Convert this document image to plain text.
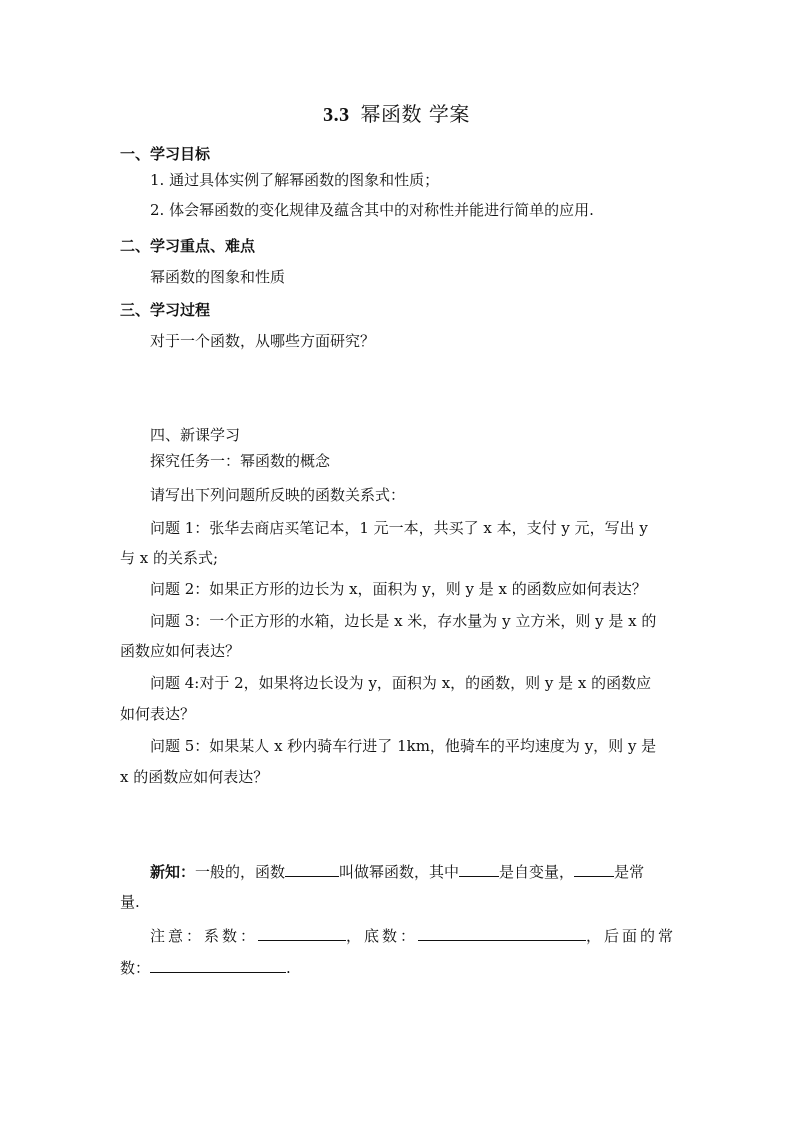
3.3 幂函数 学案
一、学习目标
1. 通过具体实例了解幂函数的图象和性质；
2. 体会幂函数的变化规律及蕴含其中的对称性并能进行简单的应用.
二、学习重点、难点
幂函数的图象和性质
三、学习过程
对于一个函数，从哪些方面研究？
四、新课学习
探究任务一：幂函数的概念
请写出下列问题所反映的函数关系式：
问题 1：张华去商店买笔记本，1 元一本，共买了 x 本，支付 y 元，写出 y
与 x 的关系式;
问题 2：如果正方形的边长为 x，面积为 y，则 y 是 x 的函数应如何表达？
问题 3：一个正方形的水箱，边长是 x 米，存水量为 y 立方米，则 y 是 x 的
函数应如何表达？
问题 4:对于 2，如果将边长设为 y，面积为 x，的函数，则 y 是 x 的函数应
如何表达？
问题 5：如果某人 x 秒内骑车行进了 1km，他骑车的平均速度为 y，则 y 是
x 的函数应如何表达？
新知：一般的，函数	叫做幂函数，其中	是自变量，	是常
量.
注意：系数：	，底数：	，后面的常
数：	.
